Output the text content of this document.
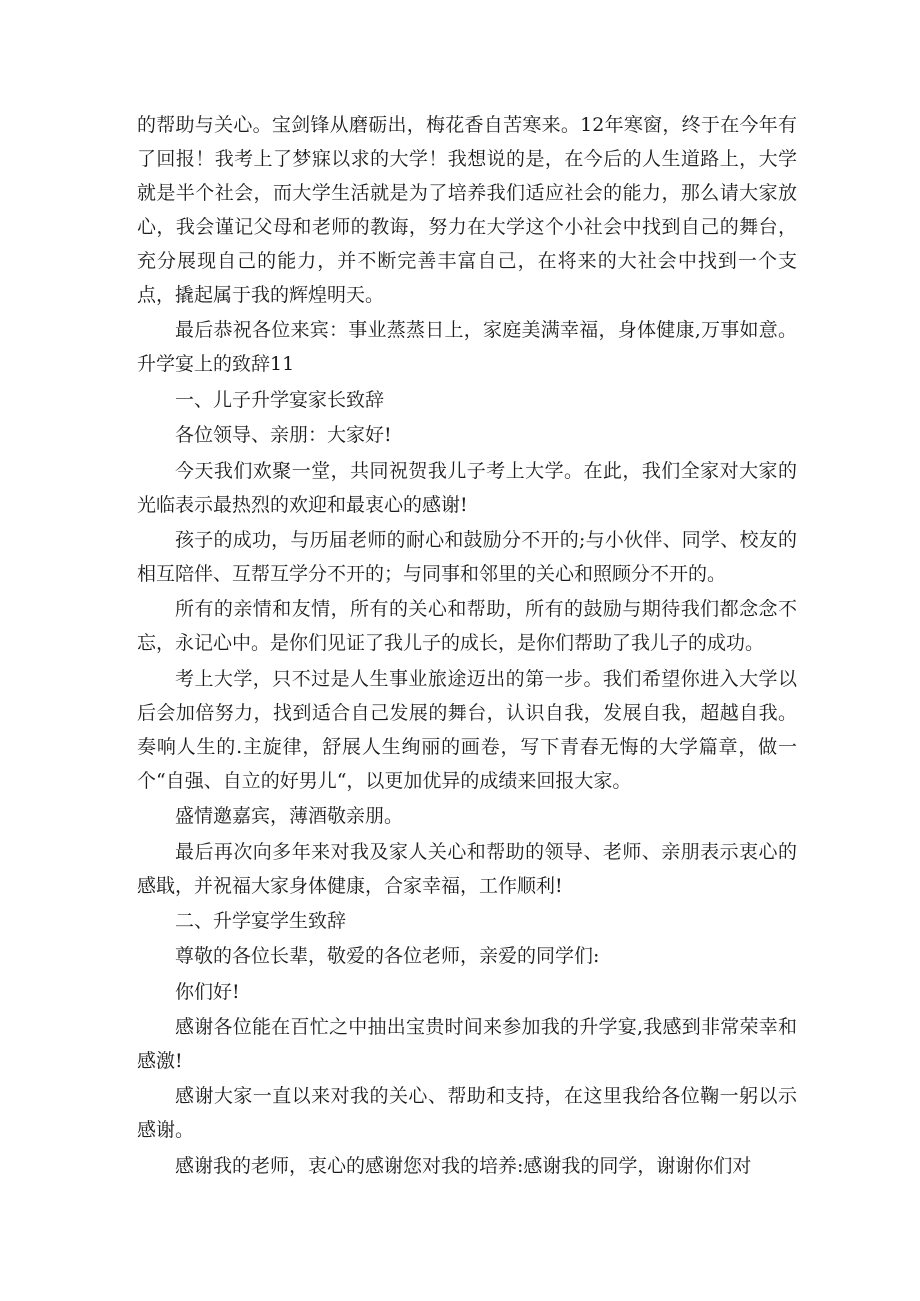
的帮助与关心。宝剑锋从磨砺出，梅花香自苦寒来。12年寒窗，终于在今年有了回报！我考上了梦寐以求的大学！我想说的是，在今后的人生道路上，大学就是半个社会，而大学生活就是为了培养我们适应社会的能力，那么请大家放心，我会谨记父母和老师的教诲，努力在大学这个小社会中找到自己的舞台，充分展现自己的能力，并不断完善丰富自己，在将来的大社会中找到一个支点，撬起属于我的辉煌明天。

最后恭祝各位来宾：事业蒸蒸日上，家庭美满幸福，身体健康,万事如意。升学宴上的致辞11

一、儿子升学宴家长致辞

各位领导、亲朋：大家好!

今天我们欢聚一堂，共同祝贺我儿子考上大学。在此，我们全家对大家的光临表示最热烈的欢迎和最衷心的感谢!

孩子的成功，与历届老师的耐心和鼓励分不开的;与小伙伴、同学、校友的相互陪伴、互帮互学分不开的；与同事和邻里的关心和照顾分不开的。

所有的亲情和友情，所有的关心和帮助，所有的鼓励与期待我们都念念不忘，永记心中。是你们见证了我儿子的成长，是你们帮助了我儿子的成功。

考上大学，只不过是人生事业旅途迈出的第一步。我们希望你进入大学以后会加倍努力，找到适合自己发展的舞台，认识自我，发展自我，超越自我。奏响人生的.主旋律，舒展人生绚丽的画卷，写下青春无悔的大学篇章，做一个“自强、自立的好男儿“，以更加优异的成绩来回报大家。

盛情邀嘉宾，薄酒敬亲朋。

最后再次向多年来对我及家人关心和帮助的领导、老师、亲朋表示衷心的感戢，并祝福大家身体健康，合家幸福，工作顺利!

二、升学宴学生致辞

尊敬的各位长辈，敬爱的各位老师，亲爱的同学们:

你们好!

感谢各位能在百忙之中抽出宝贵时间来参加我的升学宴,我感到非常荣幸和感激!

感谢大家一直以来对我的关心、帮助和支持，在这里我给各位鞠一躬以示感谢。

感谢我的老师，衷心的感谢您对我的培养:感谢我的同学，谢谢你们对
